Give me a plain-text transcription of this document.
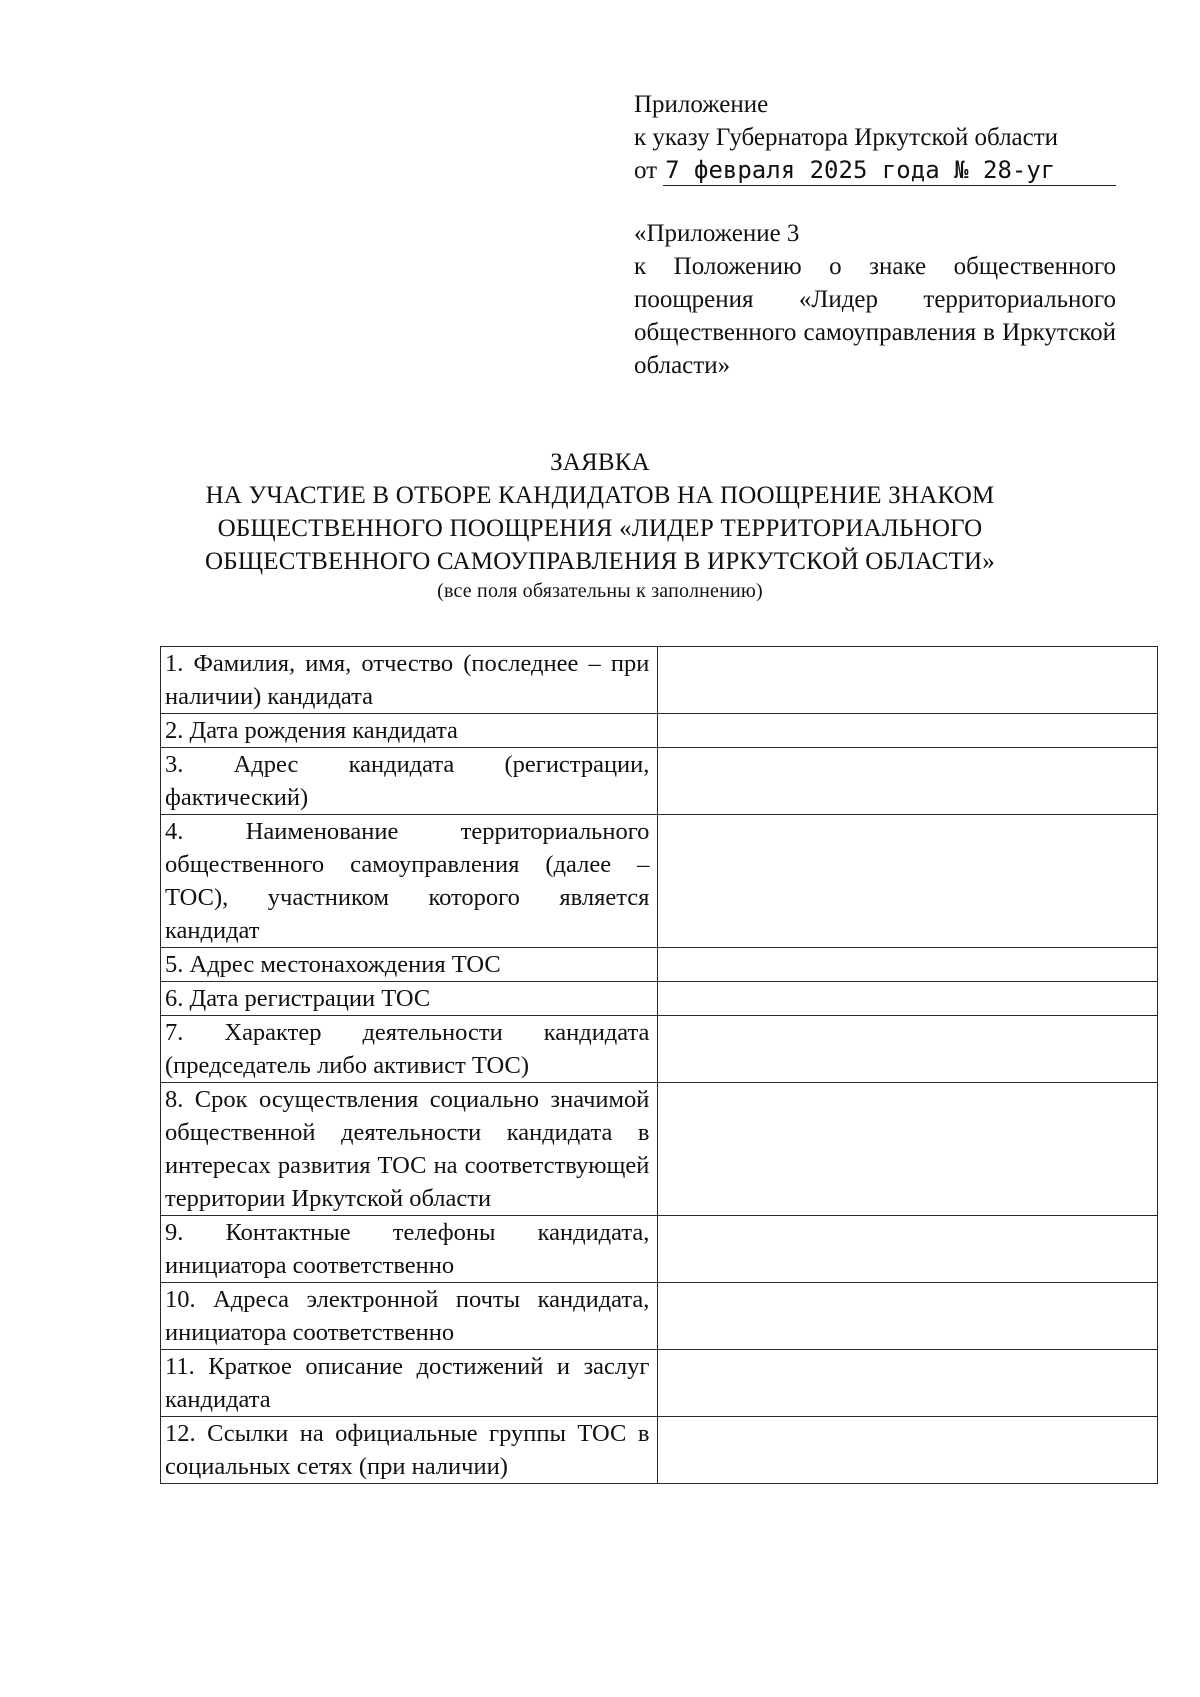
Приложение
к указу Губернатора Иркутской области
от 7 февраля 2025 года № 28-уг
«Приложение 3
к Положению о знаке общественного поощрения «Лидер территориального общественного самоуправления в Иркутской области»
ЗАЯВКА
НА УЧАСТИЕ В ОТБОРЕ КАНДИДАТОВ НА ПООЩРЕНИЕ ЗНАКОМ
ОБЩЕСТВЕННОГО ПООЩРЕНИЯ «ЛИДЕР ТЕРРИТОРИАЛЬНОГО
ОБЩЕСТВЕННОГО САМОУПРАВЛЕНИЯ В ИРКУТСКОЙ ОБЛАСТИ»
(все поля обязательны к заполнению)
1. Фамилия, имя, отчество (последнее – при наличии) кандидата	
2. Дата рождения кандидата	
3. Адрес кандидата (регистрации, фактический)	
4. Наименование территориального общественного самоуправления (далее – ТОС), участником которого является кандидат	
5. Адрес местонахождения ТОС	
6. Дата регистрации ТОС	
7. Характер деятельности кандидата (председатель либо активист ТОС)	
8. Срок осуществления социально значимой общественной деятельности кандидата в интересах развития ТОС на соответствующей территории Иркутской области	
9. Контактные телефоны кандидата, инициатора соответственно	
10. Адреса электронной почты кандидата, инициатора соответственно	
11. Краткое описание достижений и заслуг кандидата	
12. Ссылки на официальные группы ТОС в социальных сетях (при наличии)	
